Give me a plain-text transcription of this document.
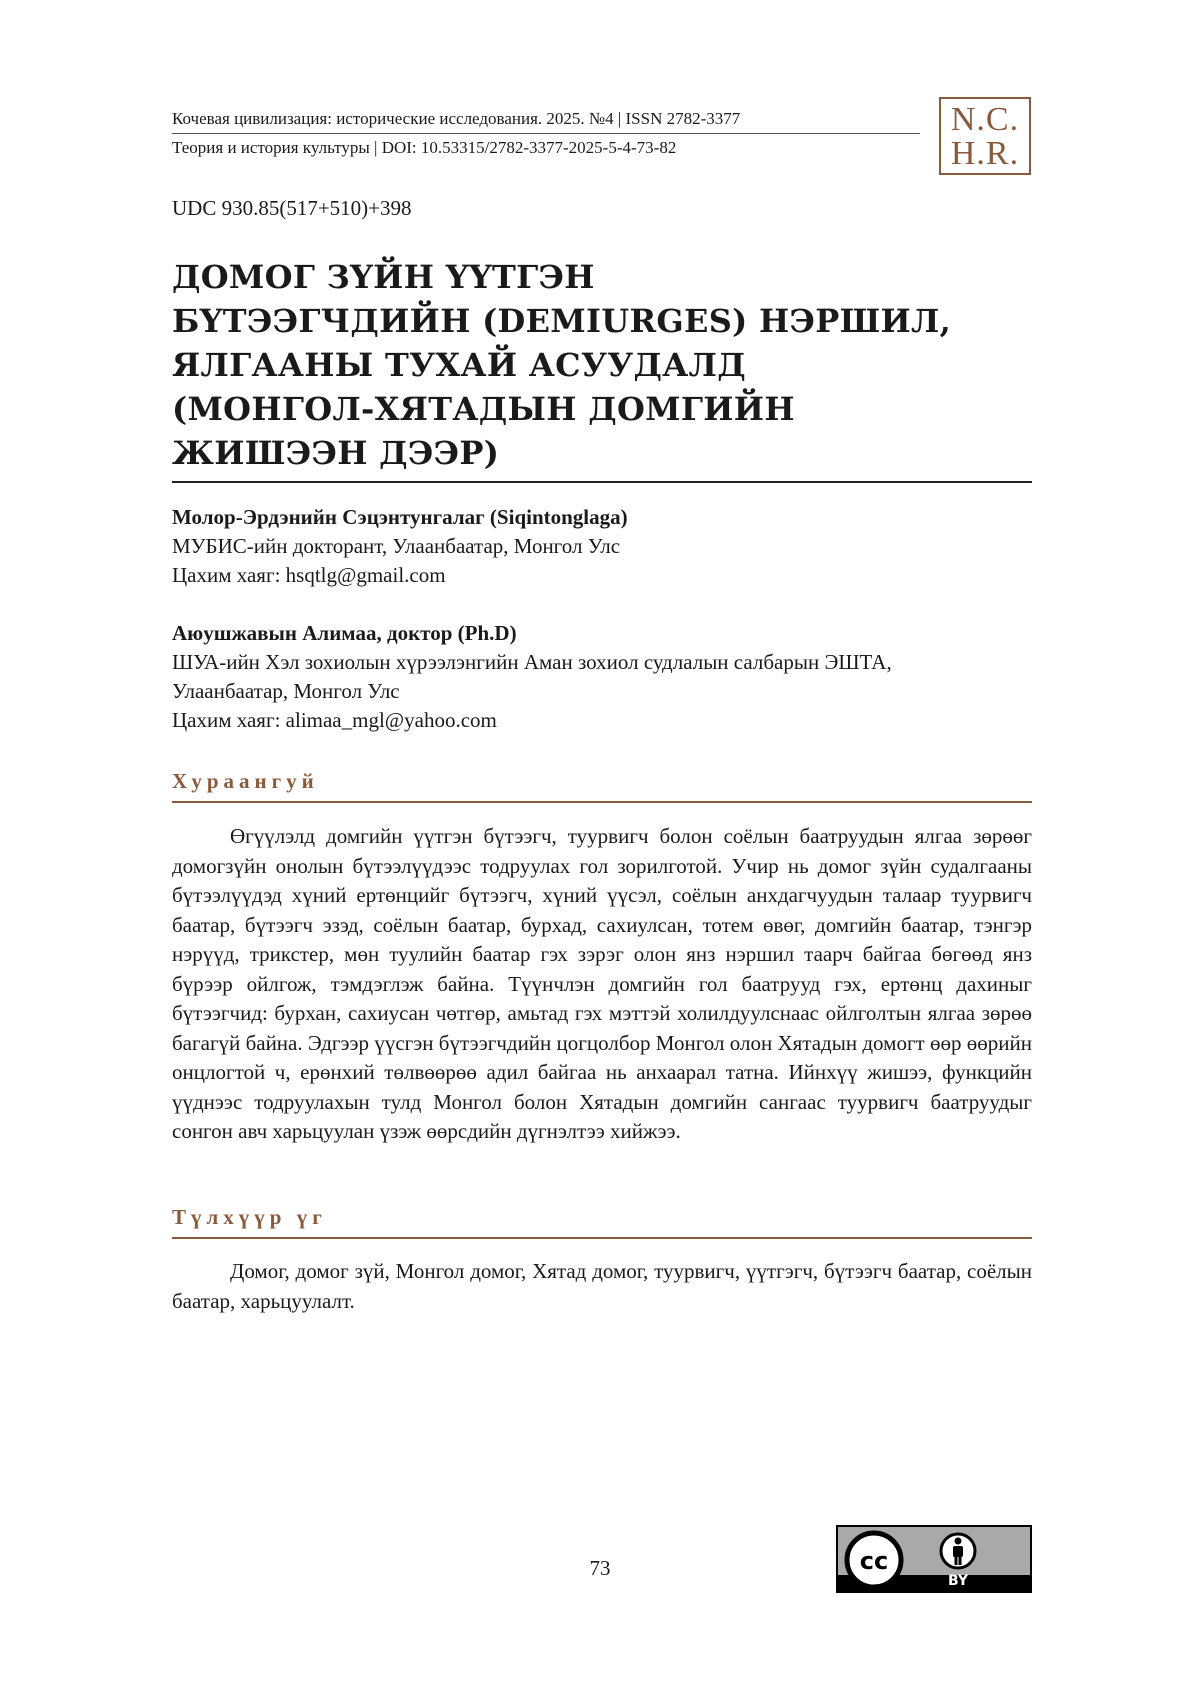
Кочевая цивилизация: исторические исследования. 2025. №4 | ISSN 2782-3377
Теория и история культуры | DOI: 10.53315/2782-3377-2025-5-4-73-82
N.C.
H.R.
UDC 930.85(517+510)+398
ДОМОГ ЗҮЙН ҮҮТГЭН
БҮТЭЭГЧДИЙН (DEMIURGES) НЭРШИЛ,
ЯЛГААНЫ ТУХАЙ АСУУДАЛД
(МОНГОЛ-ХЯТАДЫН ДОМГИЙН
ЖИШЭЭН ДЭЭР)
Молор-Эрдэнийн Сэцэнтунгалаг (Siqintonglaga)
МУБИС-ийн докторант, Улаанбаатар, Монгол Улс
Цахим хаяг: hsqtlg@gmail.com
Аюушжавын Алимаа, доктор (Ph.D)
ШУА-ийн Хэл зохиолын хүрээлэнгийн Аман зохиол судлалын салбарын ЭШТА,
Улаанбаатар, Монгол Улс
Цахим хаяг: alimaa_mgl@yahoo.com
Хураангуй

Өгүүлэлд домгийн үүтгэн бүтээгч, туурвигч болон соёлын баатруудын ялгаа зөрөөг домогзүйн онолын бүтээлүүдээс тодруулах гол зорилготой. Учир нь домог зүйн судалгааны бүтээлүүдэд хүний ертөнцийг бүтээгч, хүний үүсэл, соёлын анхдагчуудын талаар туурвигч баатар, бүтээгч эзэд, соёлын баатар, бурхад, сахиулсан, тотем өвөг, домгийн баатар, тэнгэр нэрүүд, трикстер, мөн туулийн баатар гэх зэрэг олон янз нэршил таарч байгаа бөгөөд янз бүрээр ойлгож, тэмдэглэж байна. Түүнчлэн домгийн гол баатрууд гэх, ертөнц дахиныг бүтээгчид: бурхан, сахиусан чөтгөр, амьтад гэх мэттэй холилдуулснаас ойлголтын ялгаа зөрөө багагүй байна. Эдгээр үүсгэн бүтээгчдийн цогцолбор Монгол олон Хятадын домогт өөр өөрийн онцлогтой ч, ерөнхий төлвөөрөө адил байгаа нь анхаарал татна. Ийнхүү жишээ, функцийн үүднээс тодруулахын тулд Монгол болон Хятадын домгийн сангаас туурвигч баатруудыг сонгон авч харьцуулан үзэж өөрсдийн дүгнэлтээ хийжээ.

Түлхүүр үг

Домог, домог зүй, Монгол домог, Хятад домог, туурвигч, үүтгэгч, бүтээгч баатар, соёлын баатар, харьцуулалт.

73	cc
BY
